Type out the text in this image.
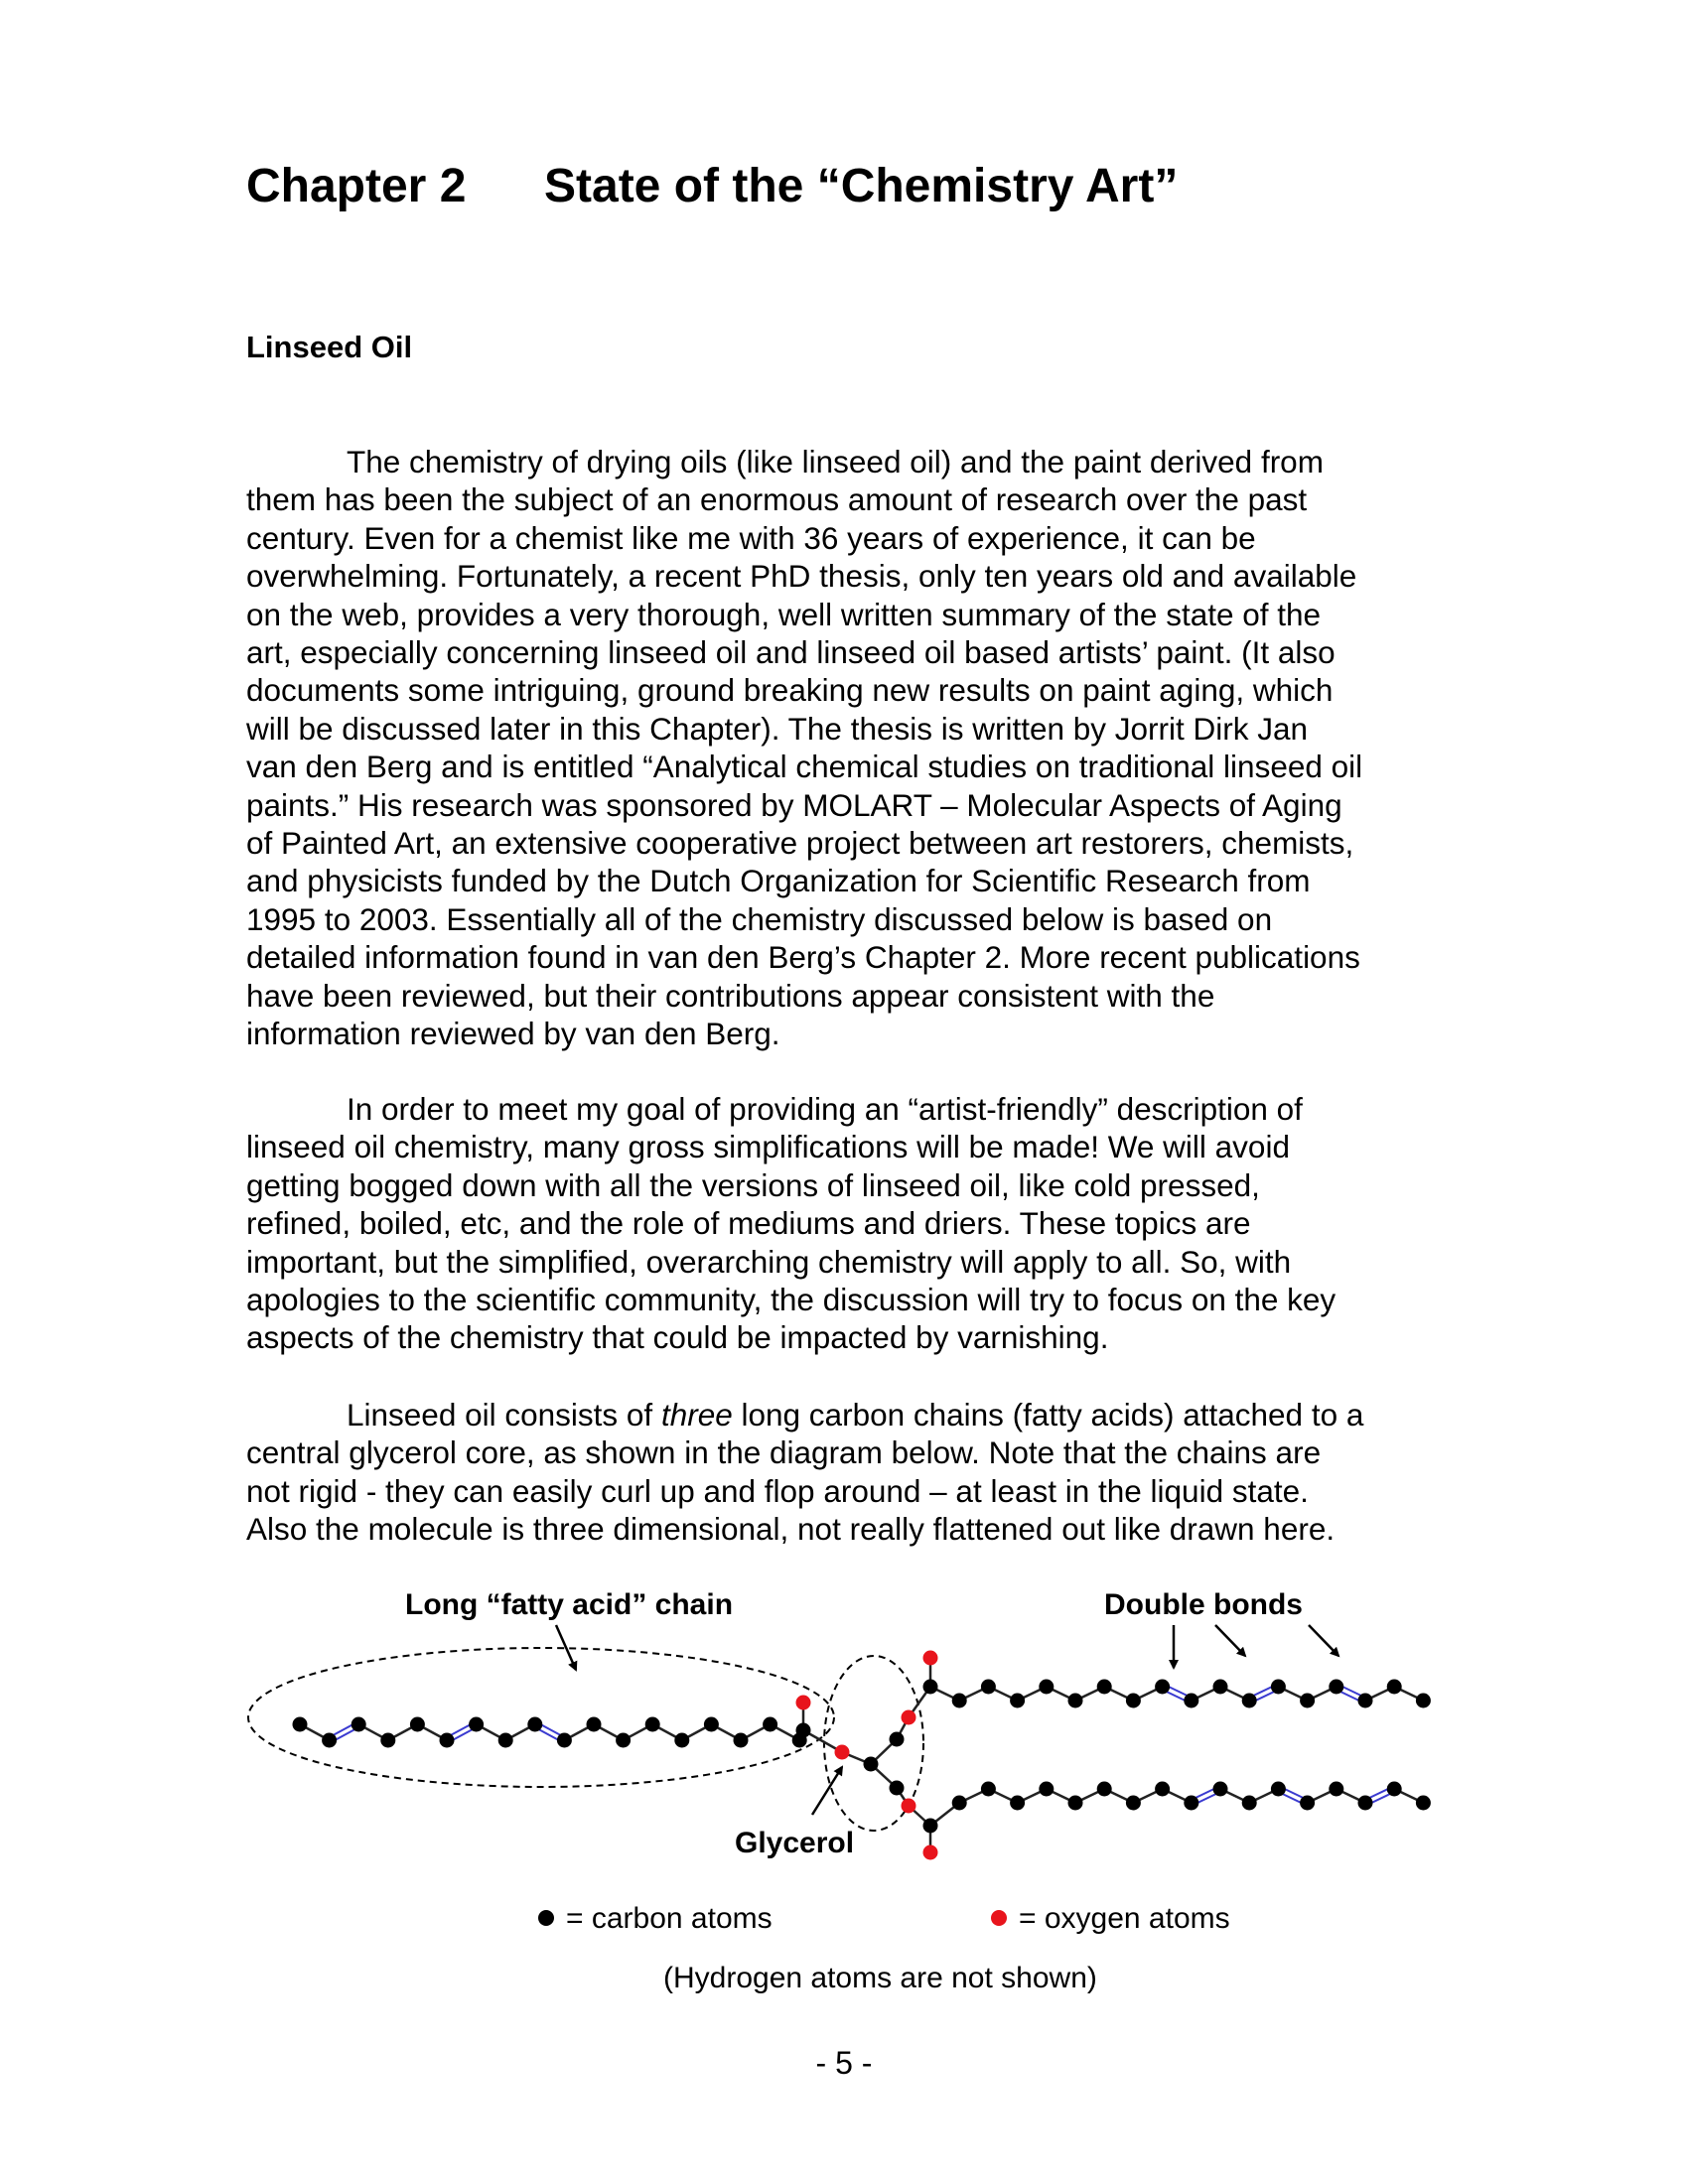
Chapter 2 State of the “Chemistry Art”
Linseed Oil

The chemistry of drying oils (like linseed oil) and the paint derived from
them has been the subject of an enormous amount of research over the past
century. Even for a chemist like me with 36 years of experience, it can be
overwhelming. Fortunately, a recent PhD thesis, only ten years old and available
on the web, provides a very thorough, well written summary of the state of the
art, especially concerning linseed oil and linseed oil based artists’ paint. (It also
documents some intriguing, ground breaking new results on paint aging, which
will be discussed later in this Chapter). The thesis is written by Jorrit Dirk Jan
van den Berg and is entitled “Analytical chemical studies on traditional linseed oil
paints.” His research was sponsored by MOLART – Molecular Aspects of Aging
of Painted Art, an extensive cooperative project between art restorers, chemists,
and physicists funded by the Dutch Organization for Scientific Research from
1995 to 2003. Essentially all of the chemistry discussed below is based on
detailed information found in van den Berg’s Chapter 2. More recent publications
have been reviewed, but their contributions appear consistent with the
information reviewed by van den Berg.

In order to meet my goal of providing an “artist-friendly” description of
linseed oil chemistry, many gross simplifications will be made! We will avoid
getting bogged down with all the versions of linseed oil, like cold pressed,
refined, boiled, etc, and the role of mediums and driers. These topics are
important, but the simplified, overarching chemistry will apply to all. So, with
apologies to the scientific community, the discussion will try to focus on the key
aspects of the chemistry that could be impacted by varnishing.

Linseed oil consists of three long carbon chains (fatty acids) attached to a
central glycerol core, as shown in the diagram below. Note that the chains are
not rigid - they can easily curl up and flop around – at least in the liquid state.
Also the molecule is three dimensional, not really flattened out like drawn here.

Long “fatty acid” chain	Double bonds
Glycerol
= carbon atoms	= oxygen atoms
(Hydrogen atoms are not shown)

- 5 -
